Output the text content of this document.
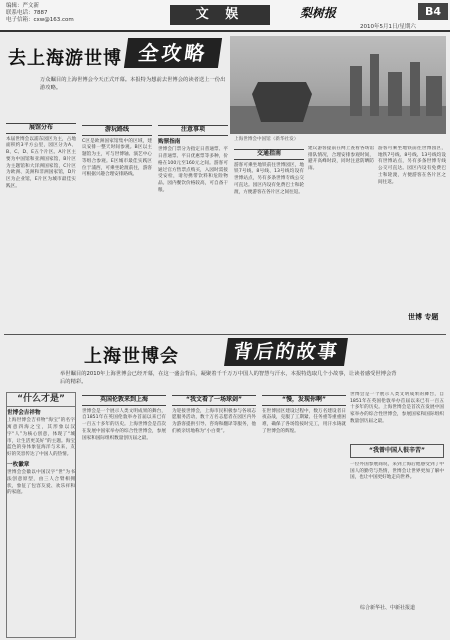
编辑：严文新
联系电话：7887
电子信箱：cxw@163.com	文 娱	梨树报	B4
2010年5月1日/星期六
去上海游世博 全攻略
上海世博会中国馆（新华社发）
万众瞩目的上海世博会今天正式开幕。本报特为想前去世博会的读者送上一份出游攻略。
展馆分布
本届世博会以浦东园区为主，占地面积约3平方公里，园区分为A、B、C、D、E五个片区。A片区主要为中国馆和亚洲国家馆，B片区为主题馆和大洋洲国家馆，C片区为欧洲、美洲和非洲国家馆，D片区为企业馆，E片区为城市最佳实践区。
游玩路线
C区是欧洲国家馆集中的区域，建议安排一整天时间参观。B区以主题馆为主，可与世博轴、演艺中心等组合参观。E区城市最佳实践区位于浦西，可乘坐轮渡前往，游客可根据兴趣合理安排路线。
注意事项
购票指南
世博会门票分为指定日普通票、平日普通票、平日优惠票等多种，价格在100元至160元之间。游客可通过官方售票点购买，入园时需接受安检，请勿携带饮料和危险物品。园内餐饮价格较高，可自备干粮。
交通指南
游客可乘坐地铁前往世博园区，地铁7号线、8号线、13号线均设有世博站点，另有多条世博专线公交可直达。园区内设有免费巴士和轮渡，方便游客在各片区之间往返。
建议游客提前在网上查看各场馆排队情况，合理安排参观时间，避开高峰时段，同时注意防晒防雨。
游客可乘坐地铁前往世博园区，地铁7号线、8号线、13号线均设有世博站点，另有多条世博专线公交可直达。园区内设有免费巴士和轮渡，方便游客在各片区之间往返。
世博 专题
上海世博会	背后的故事
举世瞩目的2010年上海世博会已经开幕，在这一盛会背后，凝聚着千千万万中国人的智慧与汗水，本报特选取几个小故事，让读者感受世博会背后的精彩。
“什么才是”
世博会吉祥物
上海世博会吉祥物“海宝”的名字寓意四海之宝，其形象以汉字“人”为核心创意，体现了“城市，让生活更美好”的主题。海宝蓝色的身体象征海洋与未来，友好的笑容传达了中国人的热情。
一枚徽章
世博会会徽以中国汉字“世”为书法创意原型，由三人合臂相拥状，象征了包容友爱、欢乐祥和的家庭。
英国伦敦来到上海
世博会是一个展示人类文明成果的舞台，自1851年在英国伦敦举办首届以来已有一百五十多年的历史。上海世博会是首次在发展中国家举办的综合性世博会，参展国家和国际组织数量创历届之最。
“我文看了一场球剑”
为迎接世博会，上海市民积极参与各项志愿服务活动，数十万名志愿者在园区内外为游客提供引导、咨询和翻译等服务，他们被亲切地称为“小白菜”。
“慢，发现你啊”
在世博园区建设过程中，数万名建设者日夜奋战，克服了工期紧、任务重等重重困难，确保了各场馆按时完工，用汗水铸就了世博会的辉煌。
世博会是一个展示人类文明成果的舞台，自1851年在英国伦敦举办首届以来已有一百五十多年的历史。上海世博会是首次在发展中国家举办的综合性世博会，参展国家和国际组织数量创历届之最。
“我曾中国人很辛苦”
一位外国参展商说，来到上海后他感受到了中国人的勤劳与热情，世博会让世界更加了解中国，也让中国更好地走向世界。
综合新华社、中新社报道
